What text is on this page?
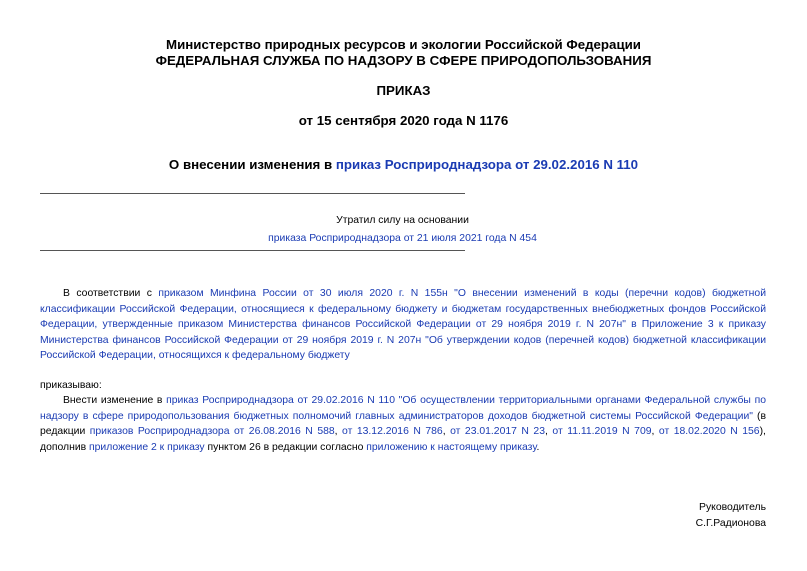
Министерство природных ресурсов и экологии Российской Федерации
ФЕДЕРАЛЬНАЯ СЛУЖБА ПО НАДЗОРУ В СФЕРЕ ПРИРОДОПОЛЬЗОВАНИЯ
ПРИКАЗ
от 15 сентября 2020 года N 1176
О внесении изменения в приказ Росприроднадзора от 29.02.2016 N 110
Утратил силу на основании
приказа Росприроднадзора от 21 июля 2021 года N 454
В соответствии с приказом Минфина России от 30 июля 2020 г. N 155н "О внесении изменений в коды (перечни кодов) бюджетной классификации Российской Федерации, относящиеся к федеральному бюджету и бюджетам государственных внебюджетных фондов Российской Федерации, утвержденные приказом Министерства финансов Российской Федерации от 29 ноября 2019 г. N 207н" в Приложение 3 к приказу Министерства финансов Российской Федерации от 29 ноября 2019 г. N 207н "Об утверждении кодов (перечней кодов) бюджетной классификации Российской Федерации, относящихся к федеральному бюджету
приказываю:
Внести изменение в приказ Росприроднадзора от 29.02.2016 N 110 "Об осуществлении территориальными органами Федеральной службы по надзору в сфере природопользования бюджетных полномочий главных администраторов доходов бюджетной системы Российской Федерации" (в редакции приказов Росприроднадзора от 26.08.2016 N 588, от 13.12.2016 N 786, от 23.01.2017 N 23, от 11.11.2019 N 709, от 18.02.2020 N 156), дополнив приложение 2 к приказу пунктом 26 в редакции согласно приложению к настоящему приказу.
Руководитель
С.Г.Радионова
